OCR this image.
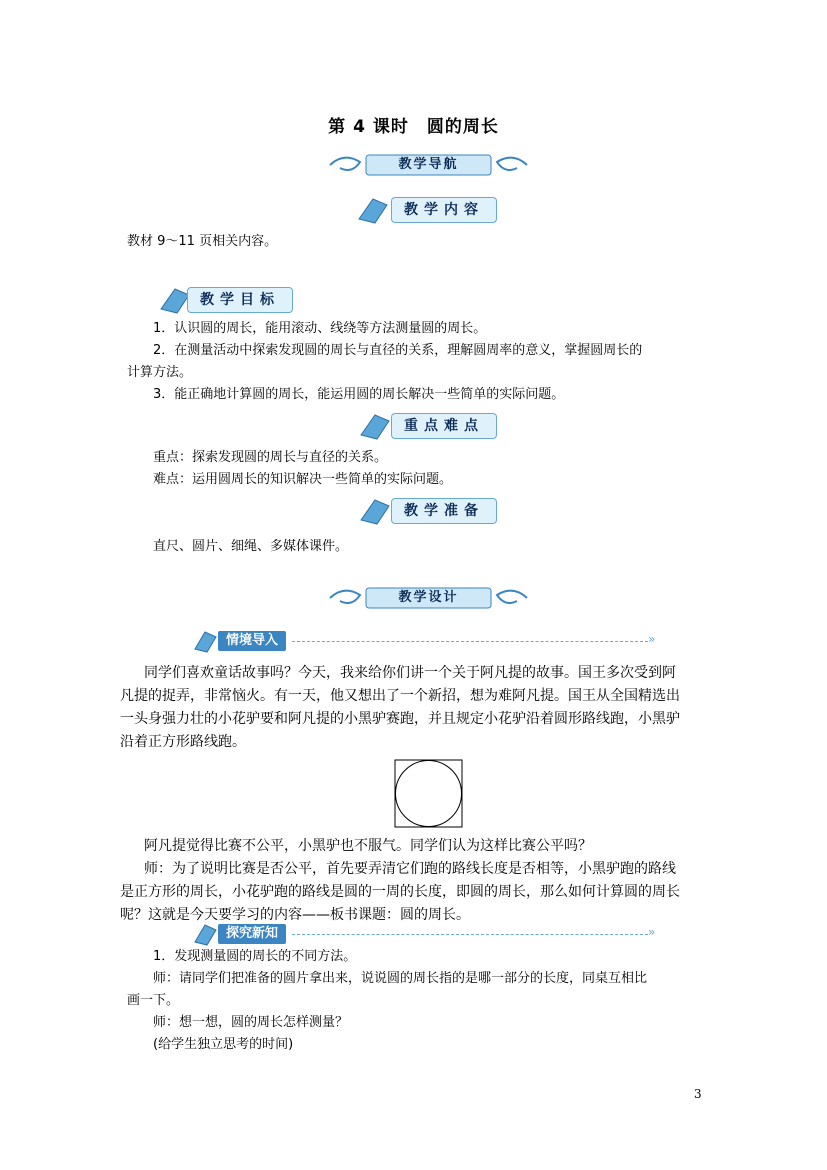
第 4 课时　圆的周长
教学导航
教学内容
教材 9～11 页相关内容。
教学目标
1．认识圆的周长，能用滚动、线绕等方法测量圆的周长。
2．在测量活动中探索发现圆的周长与直径的关系，理解圆周率的意义，掌握圆周长的
计算方法。
3．能正确地计算圆的周长，能运用圆的周长解决一些简单的实际问题。
重点难点
重点：探索发现圆的周长与直径的关系。
难点：运用圆周长的知识解决一些简单的实际问题。
教学准备
直尺、圆片、细绳、多媒体课件。
教学设计
情境导入	»
同学们喜欢童话故事吗？今天，我来给你们讲一个关于阿凡提的故事。国王多次受到阿
凡提的捉弄，非常恼火。有一天，他又想出了一个新招，想为难阿凡提。国王从全国精选出
一头身强力壮的小花驴要和阿凡提的小黑驴赛跑，并且规定小花驴沿着圆形路线跑，小黑驴
沿着正方形路线跑。
阿凡提觉得比赛不公平，小黑驴也不服气。同学们认为这样比赛公平吗？
师：为了说明比赛是否公平，首先要弄清它们跑的路线长度是否相等，小黑驴跑的路线
是正方形的周长，小花驴跑的路线是圆的一周的长度，即圆的周长，那么如何计算圆的周长
呢？这就是今天要学习的内容——板书课题：圆的周长。
探究新知	»
1．发现测量圆的周长的不同方法。
师：请同学们把准备的圆片拿出来，说说圆的周长指的是哪一部分的长度，同桌互相比
画一下。
师：想一想，圆的周长怎样测量？
(给学生独立思考的时间)
3
